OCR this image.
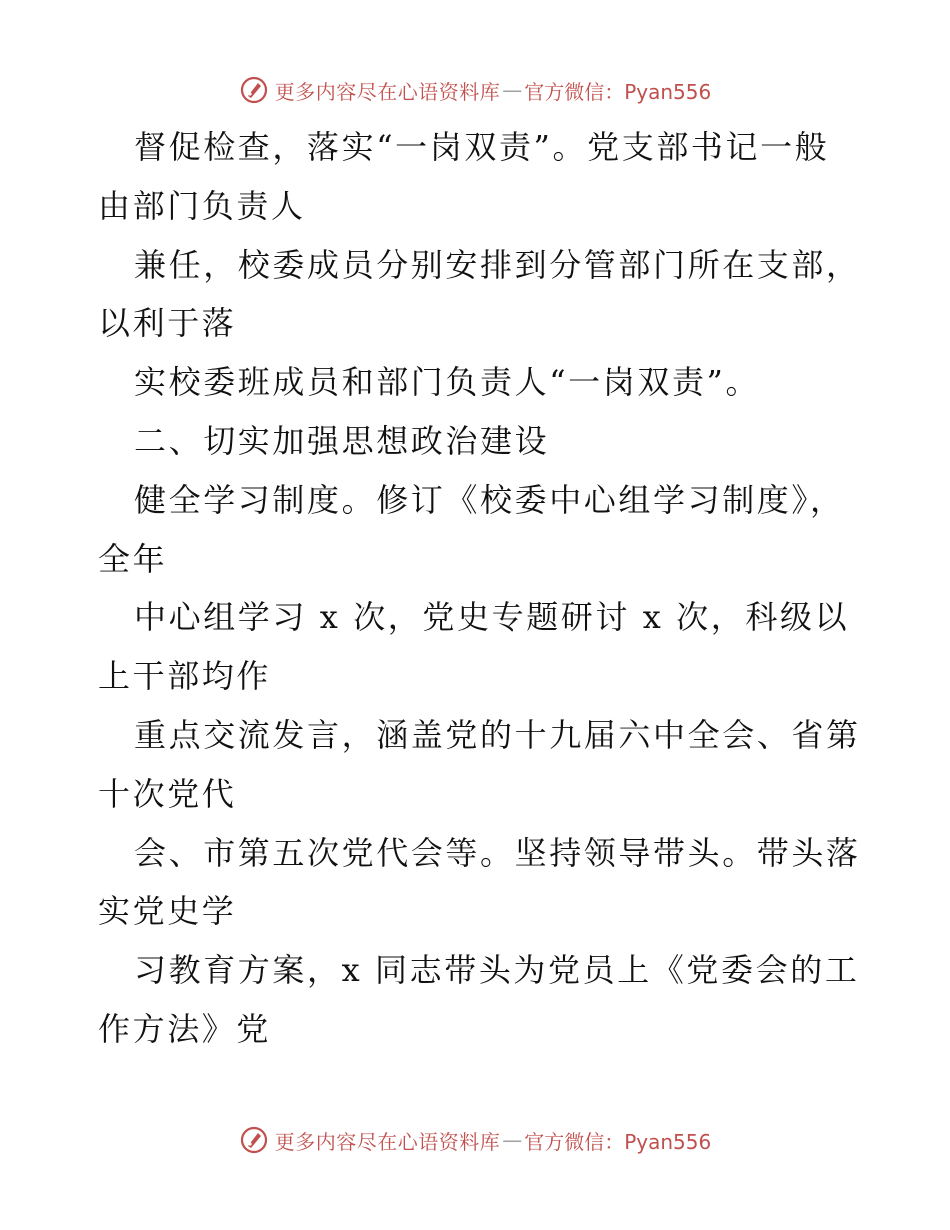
更多内容尽在心语资料库 — 官方微信：Pyan556
督促检查，落实“一岗双责”。党支部书记一般
由部门负责人
兼任，校委成员分别安排到分管部门所在支部，
以利于落
实校委班成员和部门负责人“一岗双责”。
二、切实加强思想政治建设
健全学习制度。修订《校委中心组学习制度》，
全年
中心组学习 x 次，党史专题研讨 x 次，科级以
上干部均作
重点交流发言，涵盖党的十九届六中全会、省第
十次党代
会、市第五次党代会等。坚持领导带头。带头落
实党史学
习教育方案，x 同志带头为党员上《党委会的工
作方法》党
更多内容尽在心语资料库 — 官方微信：Pyan556
